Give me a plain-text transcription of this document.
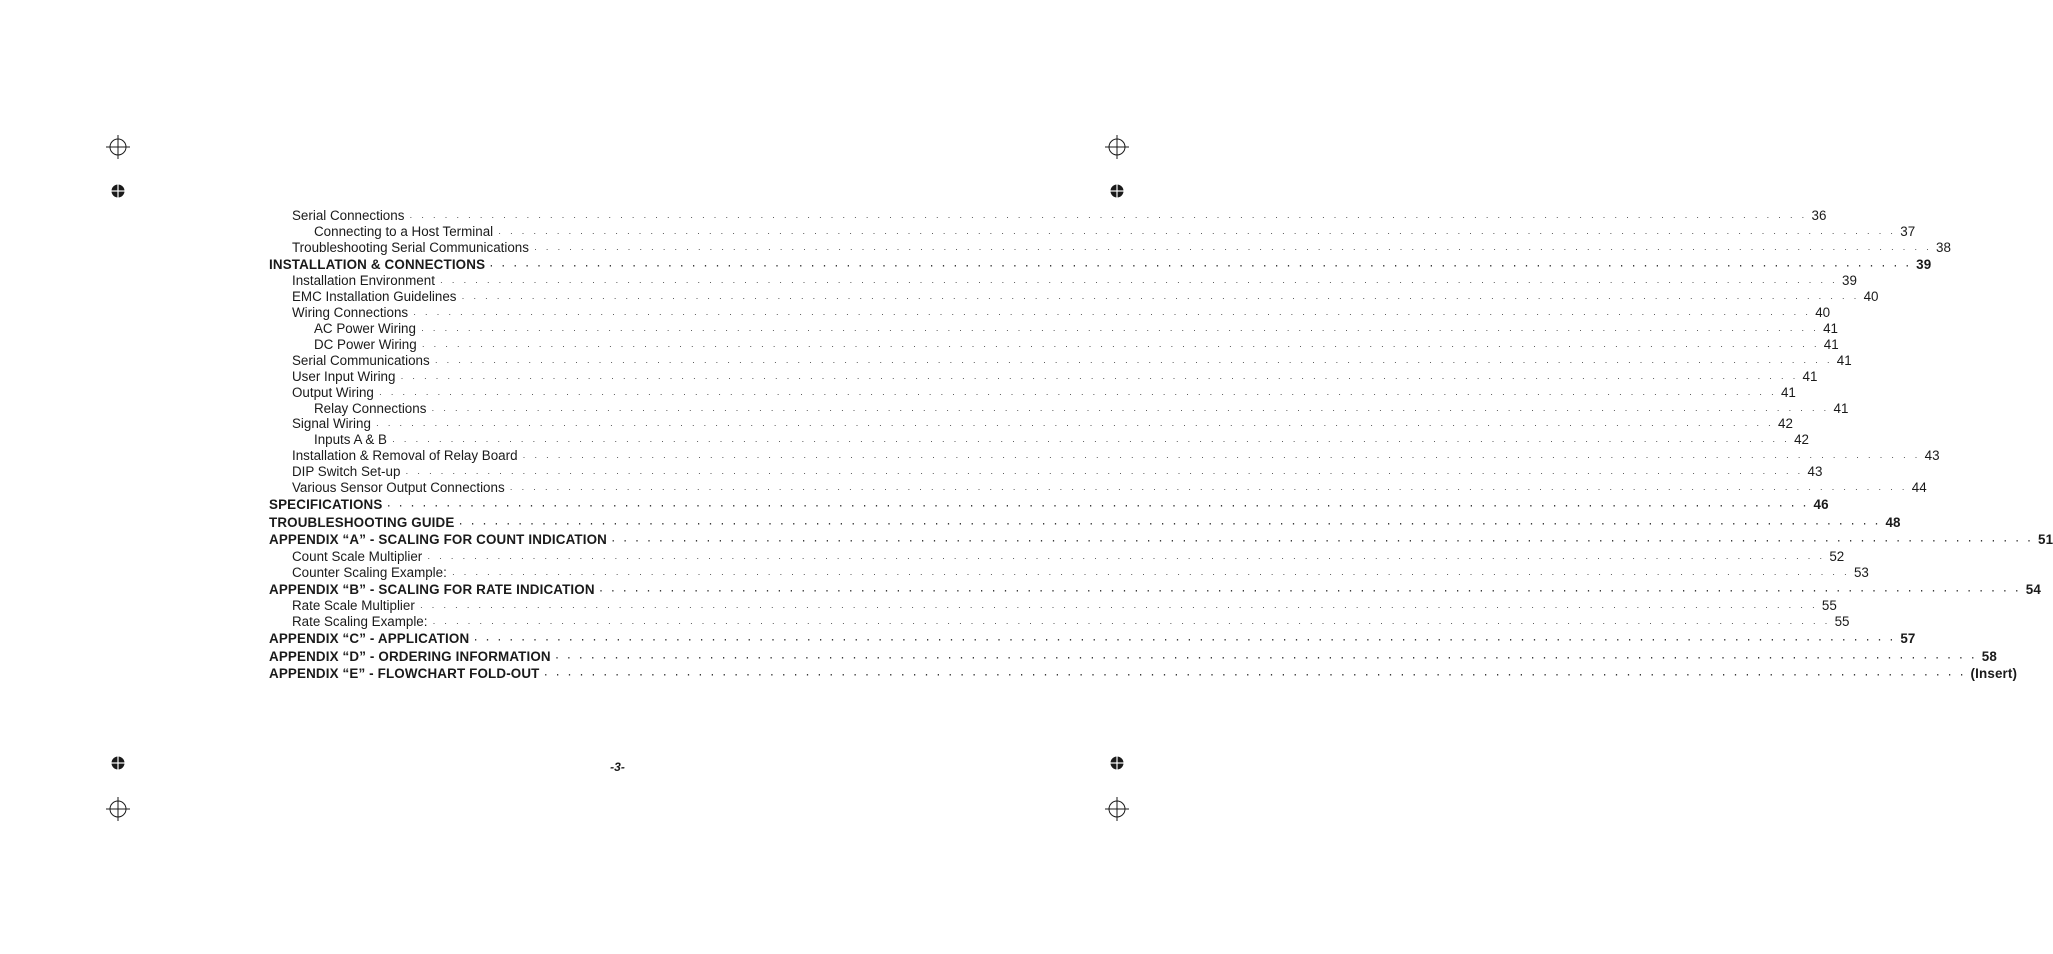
Serial Connections · · · · · · · · · · · · · · · · · · · · · · · · · · · · · · · · · · · · · · · · · · · · · · · · · · · · · · · · · · · · · · · · · · · · · · · · · · · · · · · · · · · · · · · · · · · · · · · · · · · · · · · · · · · · · · · · · · · · · · · · 36
Connecting to a Host Terminal · · · · · · · · · · · · · · · · · · · · · · · · · · · · · · · · · · · · · · · · · · · · · · · · · · · · · · · · · · · · · · · · · · · · · · · · · · · · · · · · · · · · · · · · · · · · · · · · · · · · · · · · · · · · · · · · · · · · · · · · 37
Troubleshooting Serial Communications · · · · · · · · · · · · · · · · · · · · · · · · · · · · · · · · · · · · · · · · · · · · · · · · · · · · · · · · · · · · · · · · · · · · · · · · · · · · · · · · · · · · · · · · · · · · · · · · · · · · · · · · · · · · · · · · · · · · · · · · 38
INSTALLATION & CONNECTIONS · · · · · · · · · · · · · · · · · · · · · · · · · · · · · · · · · · · · · · · · · · · · · · · · · · · · · · · · · · · · · · · · · · · · · · · · · · · · · · · · · · · · · · · · · · · · · · · · · · · · · · · · · · · · · · · · · · · · · · · · 39
Installation Environment · · · · · · · · · · · · · · · · · · · · · · · · · · · · · · · · · · · · · · · · · · · · · · · · · · · · · · · · · · · · · · · · · · · · · · · · · · · · · · · · · · · · · · · · · · · · · · · · · · · · · · · · · · · · · · · · · · · · · · · · 39
EMC Installation Guidelines · · · · · · · · · · · · · · · · · · · · · · · · · · · · · · · · · · · · · · · · · · · · · · · · · · · · · · · · · · · · · · · · · · · · · · · · · · · · · · · · · · · · · · · · · · · · · · · · · · · · · · · · · · · · · · · · · · · · · · · · 40
Wiring Connections · · · · · · · · · · · · · · · · · · · · · · · · · · · · · · · · · · · · · · · · · · · · · · · · · · · · · · · · · · · · · · · · · · · · · · · · · · · · · · · · · · · · · · · · · · · · · · · · · · · · · · · · · · · · · · · · · · · · · · · · 40
AC Power Wiring · · · · · · · · · · · · · · · · · · · · · · · · · · · · · · · · · · · · · · · · · · · · · · · · · · · · · · · · · · · · · · · · · · · · · · · · · · · · · · · · · · · · · · · · · · · · · · · · · · · · · · · · · · · · · · · · · · · · · · · · 41
DC Power Wiring · · · · · · · · · · · · · · · · · · · · · · · · · · · · · · · · · · · · · · · · · · · · · · · · · · · · · · · · · · · · · · · · · · · · · · · · · · · · · · · · · · · · · · · · · · · · · · · · · · · · · · · · · · · · · · · · · · · · · · · · 41
Serial Communications · · · · · · · · · · · · · · · · · · · · · · · · · · · · · · · · · · · · · · · · · · · · · · · · · · · · · · · · · · · · · · · · · · · · · · · · · · · · · · · · · · · · · · · · · · · · · · · · · · · · · · · · · · · · · · · · · · · · · · · · 41
User Input Wiring · · · · · · · · · · · · · · · · · · · · · · · · · · · · · · · · · · · · · · · · · · · · · · · · · · · · · · · · · · · · · · · · · · · · · · · · · · · · · · · · · · · · · · · · · · · · · · · · · · · · · · · · · · · · · · · · · · · · · · · · 41
Output Wiring · · · · · · · · · · · · · · · · · · · · · · · · · · · · · · · · · · · · · · · · · · · · · · · · · · · · · · · · · · · · · · · · · · · · · · · · · · · · · · · · · · · · · · · · · · · · · · · · · · · · · · · · · · · · · · · · · · · · · · · · 41
Relay Connections · · · · · · · · · · · · · · · · · · · · · · · · · · · · · · · · · · · · · · · · · · · · · · · · · · · · · · · · · · · · · · · · · · · · · · · · · · · · · · · · · · · · · · · · · · · · · · · · · · · · · · · · · · · · · · · · · · · · · · · · 41
Signal Wiring · · · · · · · · · · · · · · · · · · · · · · · · · · · · · · · · · · · · · · · · · · · · · · · · · · · · · · · · · · · · · · · · · · · · · · · · · · · · · · · · · · · · · · · · · · · · · · · · · · · · · · · · · · · · · · · · · · · · · · · · 42
Inputs A & B · · · · · · · · · · · · · · · · · · · · · · · · · · · · · · · · · · · · · · · · · · · · · · · · · · · · · · · · · · · · · · · · · · · · · · · · · · · · · · · · · · · · · · · · · · · · · · · · · · · · · · · · · · · · · · · · · · · · · · · · 42
Installation & Removal of Relay Board · · · · · · · · · · · · · · · · · · · · · · · · · · · · · · · · · · · · · · · · · · · · · · · · · · · · · · · · · · · · · · · · · · · · · · · · · · · · · · · · · · · · · · · · · · · · · · · · · · · · · · · · · · · · · · · · · · · · · · · · 43
DIP Switch Set-up · · · · · · · · · · · · · · · · · · · · · · · · · · · · · · · · · · · · · · · · · · · · · · · · · · · · · · · · · · · · · · · · · · · · · · · · · · · · · · · · · · · · · · · · · · · · · · · · · · · · · · · · · · · · · · · · · · · · · · · · 43
Various Sensor Output Connections · · · · · · · · · · · · · · · · · · · · · · · · · · · · · · · · · · · · · · · · · · · · · · · · · · · · · · · · · · · · · · · · · · · · · · · · · · · · · · · · · · · · · · · · · · · · · · · · · · · · · · · · · · · · · · · · · · · · · · · · 44
SPECIFICATIONS · · · · · · · · · · · · · · · · · · · · · · · · · · · · · · · · · · · · · · · · · · · · · · · · · · · · · · · · · · · · · · · · · · · · · · · · · · · · · · · · · · · · · · · · · · · · · · · · · · · · · · · · · · · · · · · · · · · · · · · · 46
TROUBLESHOOTING GUIDE · · · · · · · · · · · · · · · · · · · · · · · · · · · · · · · · · · · · · · · · · · · · · · · · · · · · · · · · · · · · · · · · · · · · · · · · · · · · · · · · · · · · · · · · · · · · · · · · · · · · · · · · · · · · · · · · · · · · · · · · 48
APPENDIX “A” - SCALING FOR COUNT INDICATION · · · · · · · · · · · · · · · · · · · · · · · · · · · · · · · · · · · · · · · · · · · · · · · · · · · · · · · · · · · · · · · · · · · · · · · · · · · · · · · · · · · · · · · · · · · · · · · · · · · · · · · · · · · · · · · · · · · · · · · · 51
Count Scale Multiplier · · · · · · · · · · · · · · · · · · · · · · · · · · · · · · · · · · · · · · · · · · · · · · · · · · · · · · · · · · · · · · · · · · · · · · · · · · · · · · · · · · · · · · · · · · · · · · · · · · · · · · · · · · · · · · · · · · · · · · · · 52
Counter Scaling Example: · · · · · · · · · · · · · · · · · · · · · · · · · · · · · · · · · · · · · · · · · · · · · · · · · · · · · · · · · · · · · · · · · · · · · · · · · · · · · · · · · · · · · · · · · · · · · · · · · · · · · · · · · · · · · · · · · · · · · · · · 53
APPENDIX “B” - SCALING FOR RATE INDICATION · · · · · · · · · · · · · · · · · · · · · · · · · · · · · · · · · · · · · · · · · · · · · · · · · · · · · · · · · · · · · · · · · · · · · · · · · · · · · · · · · · · · · · · · · · · · · · · · · · · · · · · · · · · · · · · · · · · · · · · · 54
Rate Scale Multiplier · · · · · · · · · · · · · · · · · · · · · · · · · · · · · · · · · · · · · · · · · · · · · · · · · · · · · · · · · · · · · · · · · · · · · · · · · · · · · · · · · · · · · · · · · · · · · · · · · · · · · · · · · · · · · · · · · · · · · · · · 55
Rate Scaling Example: · · · · · · · · · · · · · · · · · · · · · · · · · · · · · · · · · · · · · · · · · · · · · · · · · · · · · · · · · · · · · · · · · · · · · · · · · · · · · · · · · · · · · · · · · · · · · · · · · · · · · · · · · · · · · · · · · · · · · · · · 55
APPENDIX “C” - APPLICATION · · · · · · · · · · · · · · · · · · · · · · · · · · · · · · · · · · · · · · · · · · · · · · · · · · · · · · · · · · · · · · · · · · · · · · · · · · · · · · · · · · · · · · · · · · · · · · · · · · · · · · · · · · · · · · · · · · · · · · · · 57
APPENDIX “D” - ORDERING INFORMATION · · · · · · · · · · · · · · · · · · · · · · · · · · · · · · · · · · · · · · · · · · · · · · · · · · · · · · · · · · · · · · · · · · · · · · · · · · · · · · · · · · · · · · · · · · · · · · · · · · · · · · · · · · · · · · · · · · · · · · · · 58
APPENDIX “E” - FLOWCHART FOLD-OUT · · · · · · · · · · · · · · · · · · · · · · · · · · · · · · · · · · · · · · · · · · · · · · · · · · · · · · · · · · · · · · · · · · · · · · · · · · · · · · · · · · · · · · · · · · · · · · · · · · · · · · · · · · · · · · · · · · · · · · · · (Insert)
-3-
